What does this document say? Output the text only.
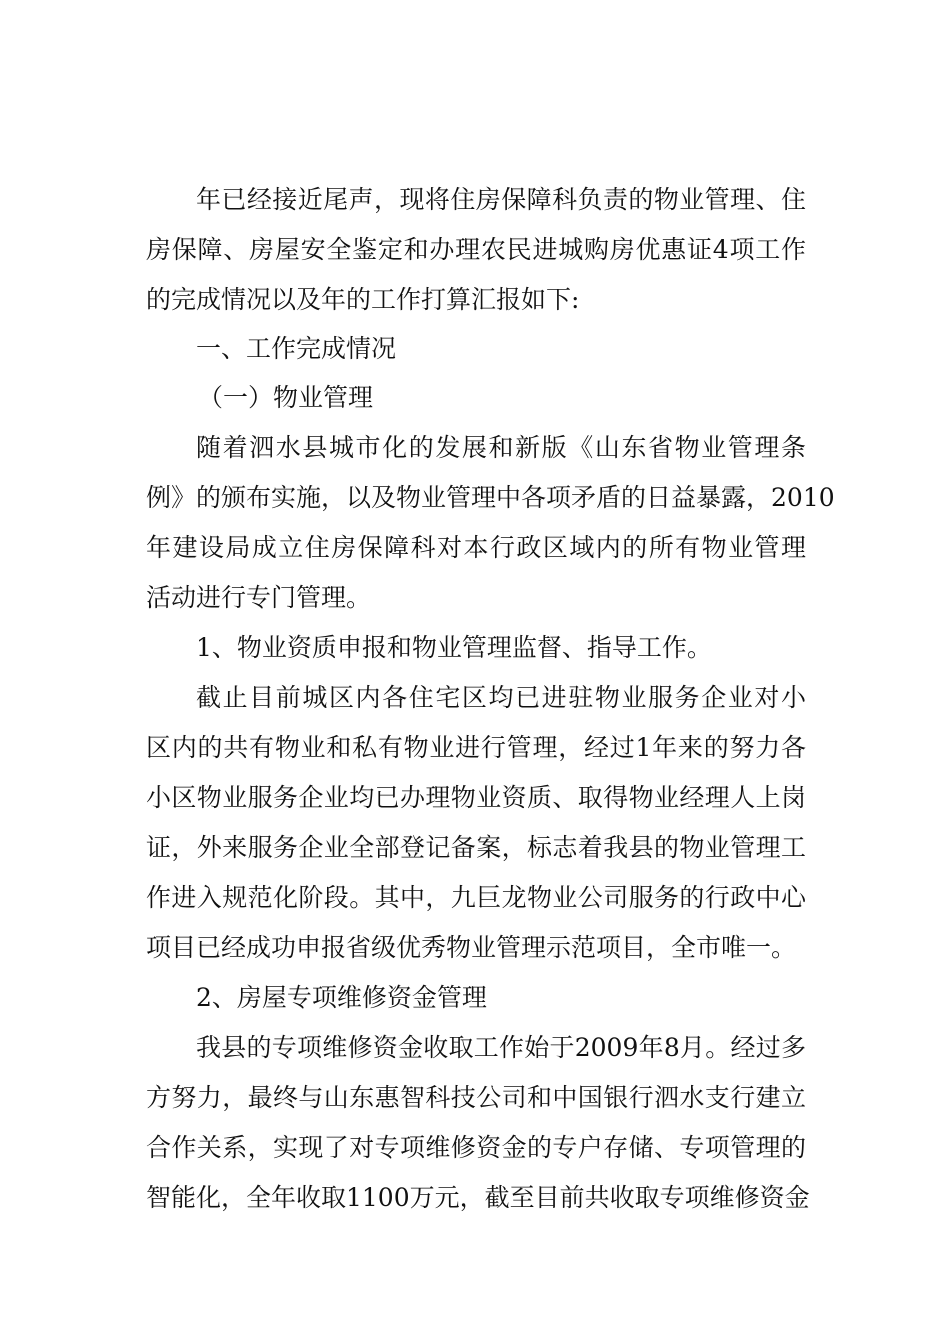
年已经接近尾声，现将住房保障科负责的物业管理、住
房保障、房屋安全鉴定和办理农民进城购房优惠证4项工作
的完成情况以及年的工作打算汇报如下:
一、工作完成情况
（一）物业管理
随着泗水县城市化的发展和新版《山东省物业管理条
例》的颁布实施，以及物业管理中各项矛盾的日益暴露，2010
年建设局成立住房保障科对本行政区域内的所有物业管理
活动进行专门管理。
1、物业资质申报和物业管理监督、指导工作。
截止目前城区内各住宅区均已进驻物业服务企业对小
区内的共有物业和私有物业进行管理，经过1年来的努力各
小区物业服务企业均已办理物业资质、取得物业经理人上岗
证，外来服务企业全部登记备案，标志着我县的物业管理工
作进入规范化阶段。其中，九巨龙物业公司服务的行政中心
项目已经成功申报省级优秀物业管理示范项目，全市唯一。
2、房屋专项维修资金管理
我县的专项维修资金收取工作始于2009年8月。经过多
方努力，最终与山东惠智科技公司和中国银行泗水支行建立
合作关系，实现了对专项维修资金的专户存储、专项管理的
智能化，全年收取1100万元，截至目前共收取专项维修资金
